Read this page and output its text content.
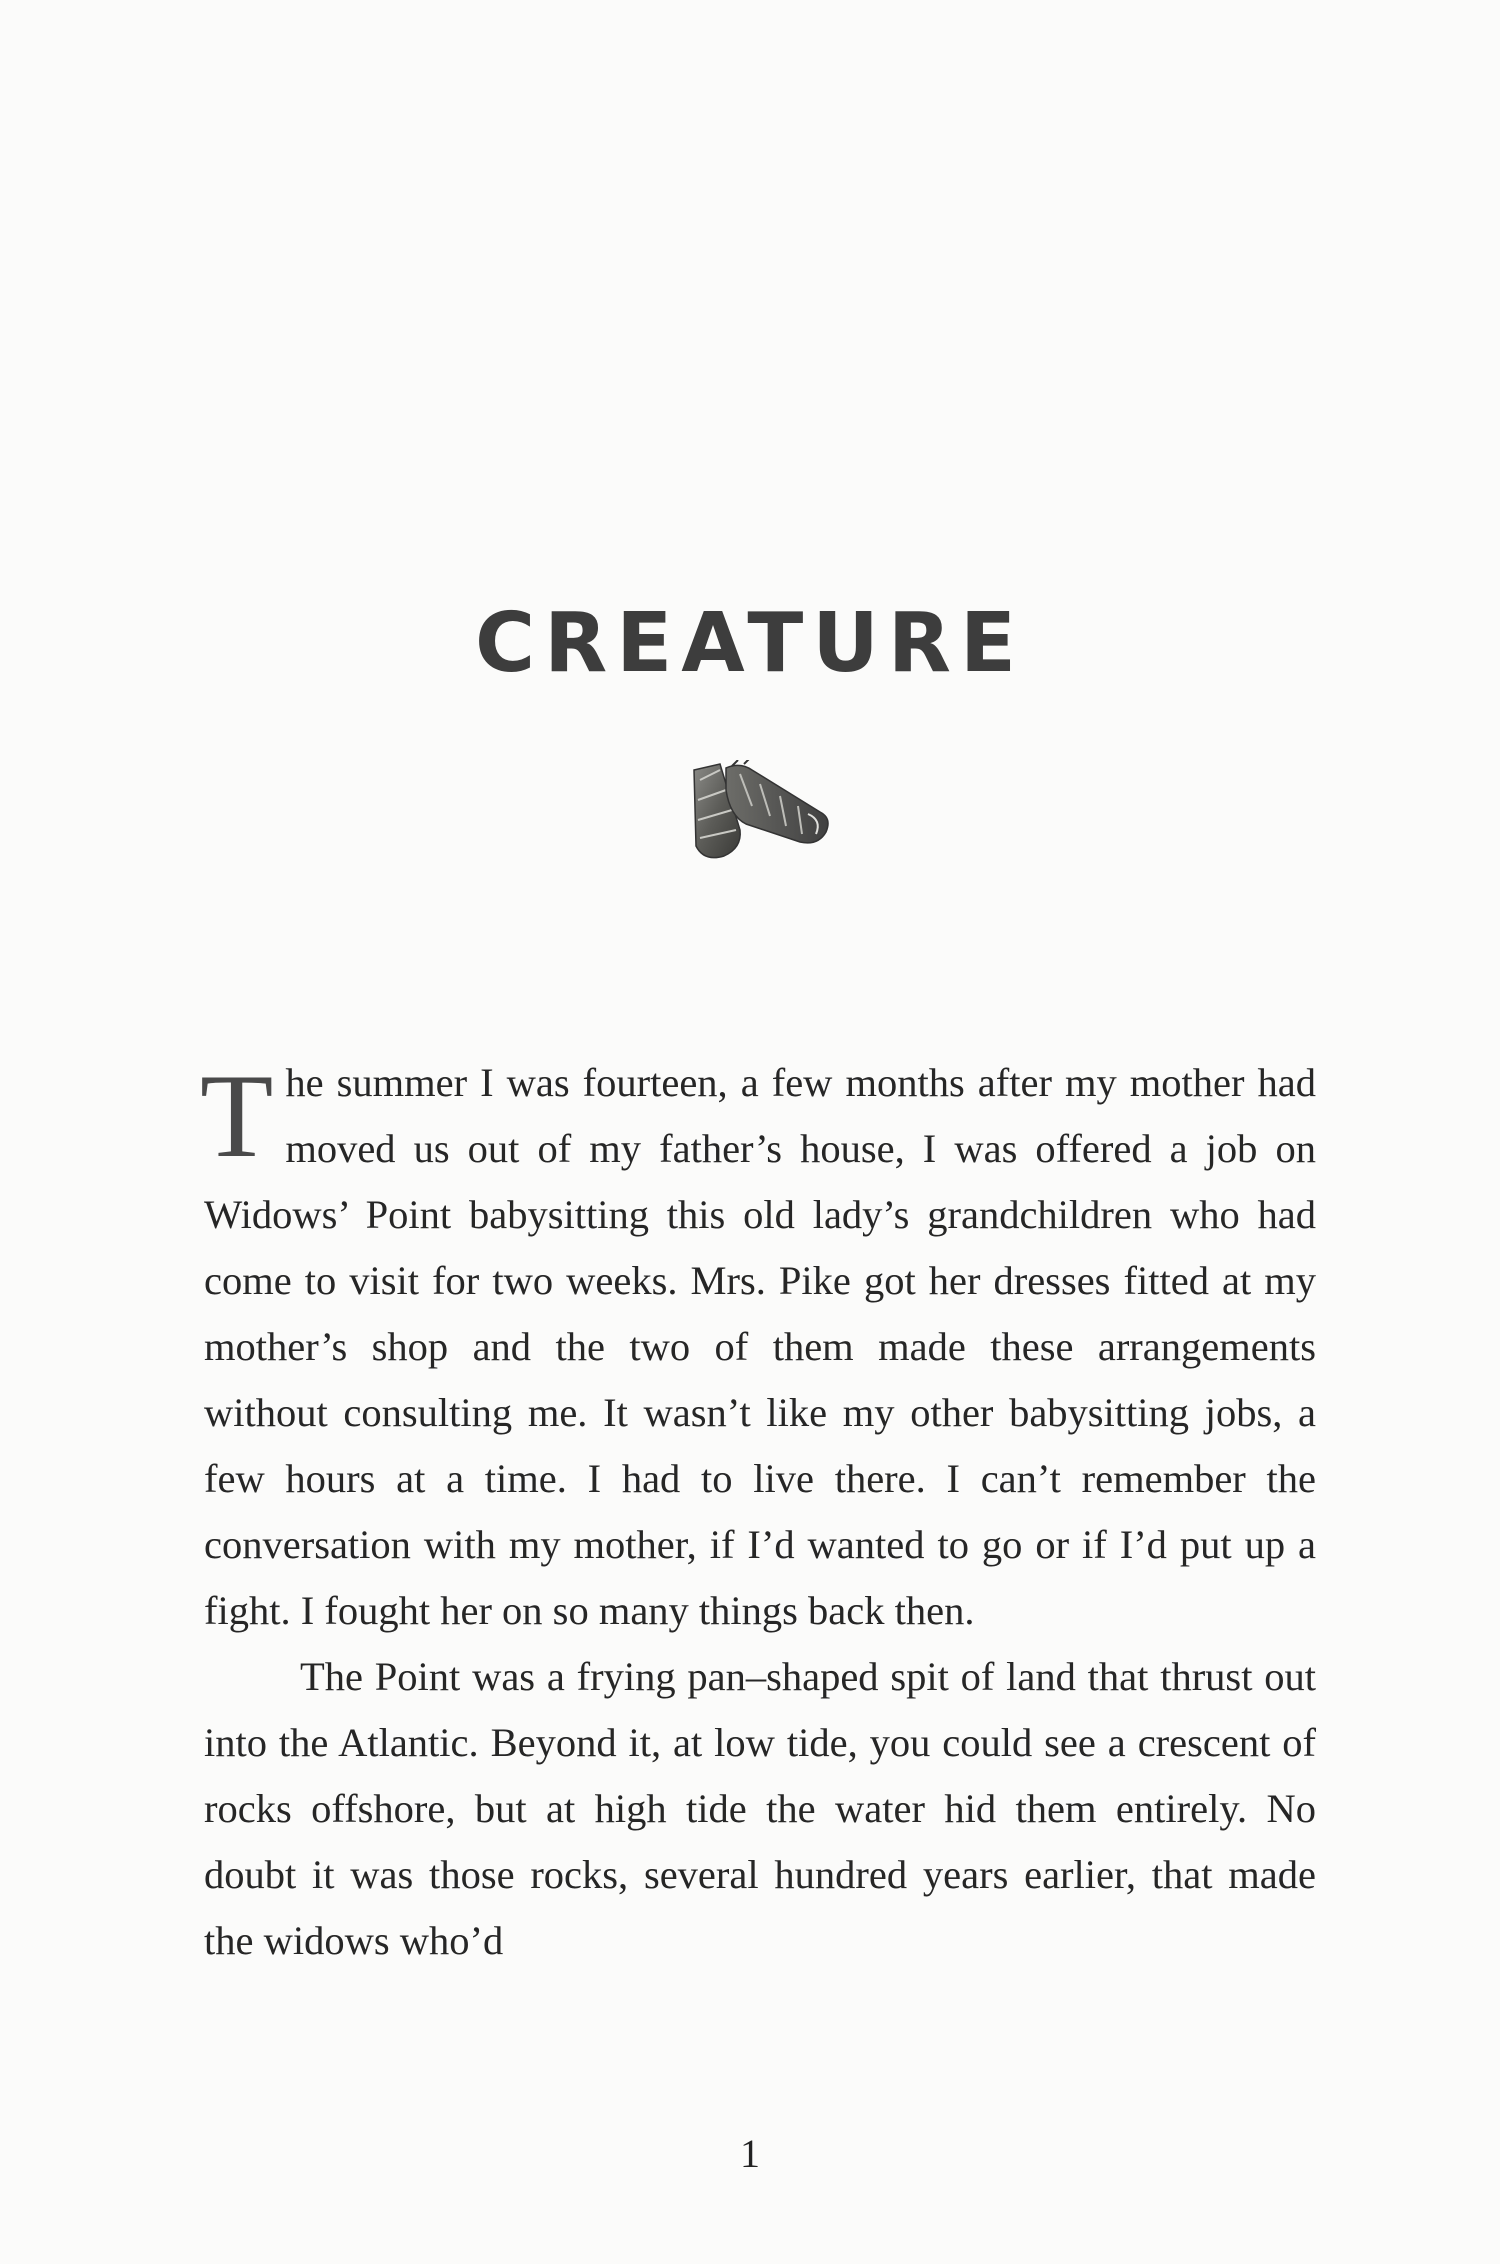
CREATURE

The summer I was fourteen, a few months after my mother had moved us out of my father’s house, I was offered a job on Widows’ Point babysitting this old lady’s grandchildren who had come to visit for two weeks. Mrs. Pike got her dresses fitted at my mother’s shop and the two of them made these arrangements without consulting me. It wasn’t like my other babysitting jobs, a few hours at a time. I had to live there. I can’t remember the conversation with my mother, if I’d wanted to go or if I’d put up a fight. I fought her on so many things back then.

The Point was a frying pan–shaped spit of land that thrust out into the Atlantic. Beyond it, at low tide, you could see a crescent of rocks offshore, but at high tide the water hid them entirely. No doubt it was those rocks, several hundred years earlier, that made the widows who’d

1
